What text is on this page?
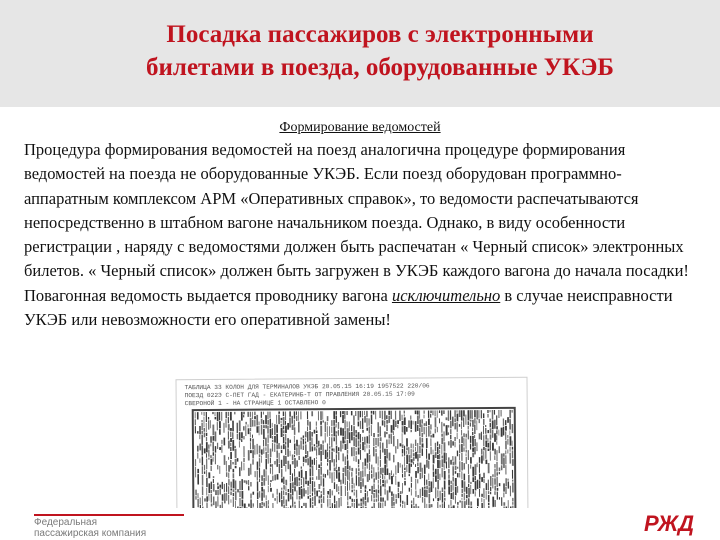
Посадка пассажиров с электронными
билетами в поезда, оборудованные УКЭБ
Формирование ведомостей

Процедура формирования ведомостей на поезд аналогична процедуре формирования ведомостей на поезда не оборудованные УКЭБ. Если поезд оборудован программно-аппаратным комплексом АРМ «Оперативных справок», то ведомости распечатываются непосредственно в штабном вагоне начальником поезда. Однако, в виду особенности регистрации , наряду с ведомостями должен быть распечатан « Черный список» электронных билетов. « Черный список» должен быть загружен в УКЭБ каждого вагона до начала посадки!

Повагонная ведомость выдается проводнику вагона исключительно в случае неисправности УКЭБ или невозможности его оперативной замены!

ТАБЛИЦА 33 КОЛОН ДЛЯ ТЕРМИНАЛОВ УКЭБ 20.05.15 16:19 1957522 220/06
ПОЕЗД 022Э С-ПЕТ ГАД - ЕКАТЕРИНБ-Т ОТ ПРАВЛЕНИЯ 20.05.15 17:09
СВЕРОНОЙ 1 - НА СТРАНИЦЕ 1 ОСТАВЛЕНО 0

Федеральная
пассажирская компания	РЖД
